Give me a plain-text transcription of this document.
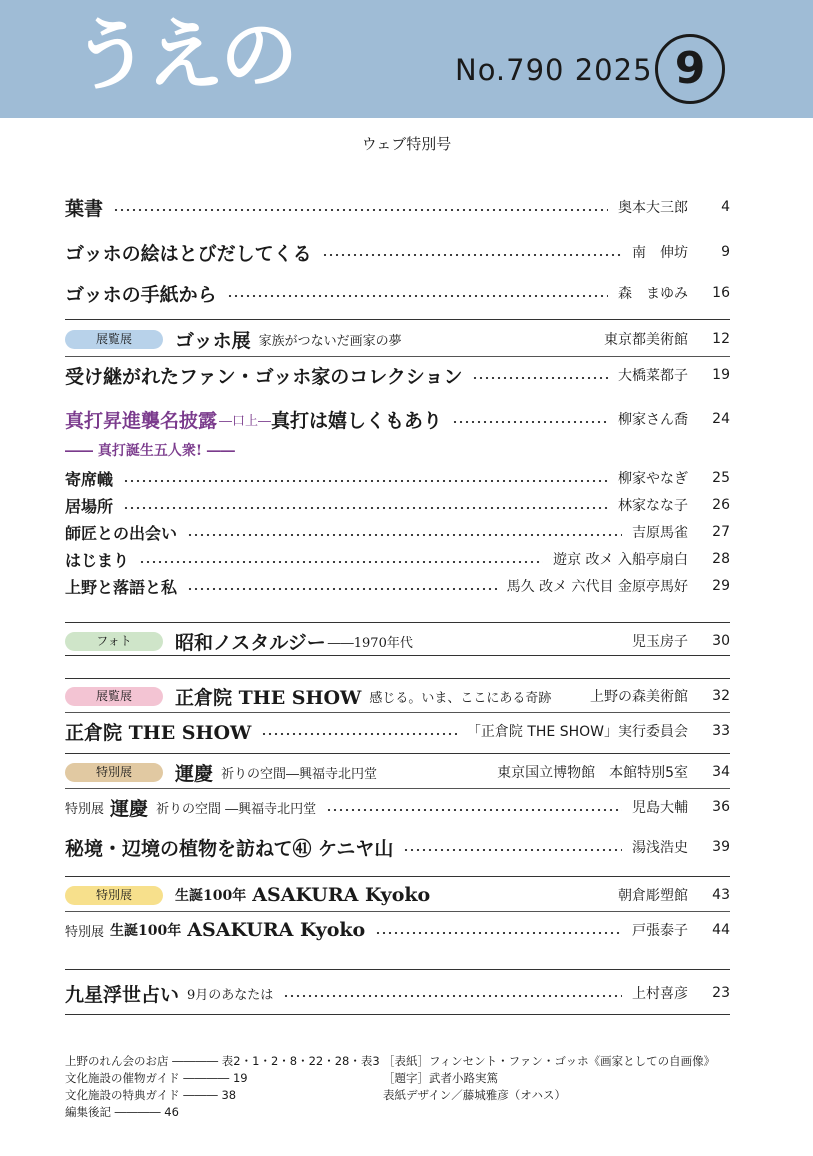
うえの	No.790 2025 9
ウェブ特別号
葉書	奥本大三郎	4
ゴッホの絵はとびだしてくる	南　伸坊	9
ゴッホの手紙から	森　まゆみ	16
展覧展	ゴッホ展 家族がつないだ画家の夢	東京都美術館	12
受け継がれたファン・ゴッホ家のコレクション	大橋菜都子	19
真打昇進襲名披露 ―口上― 真打は嬉しくもあり	柳家さん喬	24
―― 真打誕生五人衆! ――
寄席幟	柳家やなぎ	25
居場所	林家なな子	26
師匠との出会い	吉原馬雀	27
はじまり	遊京 改メ 入船亭扇白	28
上野と落語と私	馬久 改メ 六代目 金原亭馬好	29
フォト	昭和ノスタルジー ――1970年代	児玉房子	30
展覧展	正倉院 THE SHOW 感じる。いま、ここにある奇跡	上野の森美術館	32
正倉院 THE SHOW	「正倉院 THE SHOW」実行委員会	33
特別展	運慶 祈りの空間―興福寺北円堂	東京国立博物館　本館特別5室	34
特別展 運慶 祈りの空間 ―興福寺北円堂	児島大輔	36
秘境・辺境の植物を訪ねて㊶ ケニヤ山	湯浅浩史	39
特別展	生誕100年 ASAKURA Kyoko	朝倉彫塑館	43
特別展 生誕100年 ASAKURA Kyoko	戸張泰子	44
九星浮世占い 9月のあなたは	上村喜彦	23
上野のれん会のお店 ―――― 表2・1・2・8・22・28・表3
文化施設の催物ガイド ―――― 19
文化施設の特典ガイド ――― 38
編集後記 ―――― 46
［表紙］フィンセント・ファン・ゴッホ《画家としての自画像》
［題字］武者小路実篤
表紙デザイン／藤城雅彦（オハス）
